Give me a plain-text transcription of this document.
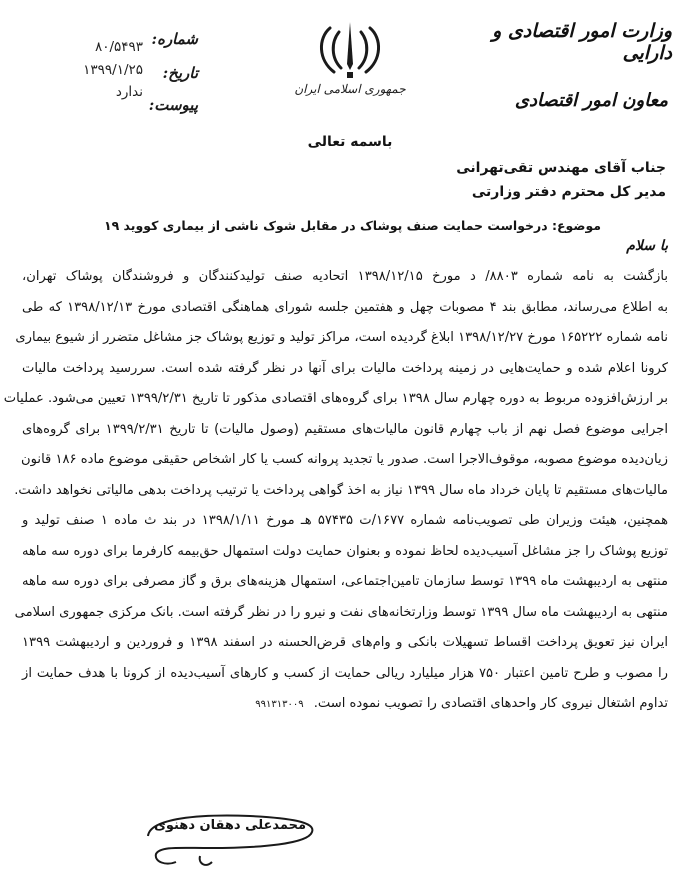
جمهوری اسلامی ایران
وزارت امور اقتصادی و دارایی
معاون امور اقتصادی
شماره:
تاریخ:
پیوست:
۸۰/۵۴۹۳
۱۳۹۹/۱/۲۵
ندارد
باسمه تعالی
جناب آقای مهندس تقی‌تهرانی
مدیر کل محترم دفتر وزارتی
موضوع: درخواست حمایت صنف پوشاک در مقابل شوک ناشی از بیماری کووید ۱۹
با سلام
بازگشت به نامه شماره ۸۸۰۳/ د مورخ ۱۳۹۸/۱۲/۱۵ اتحادیه صنف تولیدکنندگان و فروشندگان پوشاک تهران،
به اطلاع می‌رساند، مطابق بند ۴ مصوبات چهل و هفتمین جلسه شورای هماهنگی اقتصادی مورخ ۱۳۹۸/۱۲/۱۳ که طی
نامه شماره ۱۶۵۲۲۲ مورخ ۱۳۹۸/۱۲/۲۷ ابلاغ گردیده است، مراکز تولید و توزیع پوشاک جز مشاغل متضرر از شیوع بیماری
کرونا اعلام شده و حمایت‌هایی در زمینه پرداخت مالیات برای آنها در نظر گرفته شده است. سررسید پرداخت مالیات
بر ارزش‌افزوده مربوط به دوره چهارم سال ۱۳۹۸ برای گروه‌های اقتصادی مذکور تا تاریخ ۱۳۹۹/۲/۳۱ تعیین می‌شود. عملیات
اجرایی موضوع فصل نهم از باب چهارم قانون مالیات‌های مستقیم (وصول مالیات) تا تاریخ ۱۳۹۹/۲/۳۱ برای گروه‌های
زیان‌دیده موضوع مصوبه، موقوف‌الاجرا است. صدور یا تجدید پروانه کسب یا کار اشخاص حقیقی موضوع ماده ۱۸۶ قانون
مالیات‌های مستقیم تا پایان خرداد ماه سال ۱۳۹۹ نیاز به اخذ گواهی پرداخت یا ترتیب پرداخت بدهی مالیاتی نخواهد داشت.
همچنین، هیئت وزیران طی تصویب‌نامه شماره ۱۶۷۷/ت ۵۷۴۳۵ هـ مورخ ۱۳۹۸/۱/۱۱ در بند ث ماده ۱ صنف تولید و
توزیع پوشاک را جز مشاغل آسیب‌دیده لحاظ نموده و بعنوان حمایت دولت استمهال حق‌بیمه کارفرما برای دوره سه ماهه
منتهی به اردیبهشت ماه ۱۳۹۹ توسط سازمان تامین‌اجتماعی، استمهال هزینه‌های برق و گاز مصرفی برای دوره سه ماهه
منتهی به اردیبهشت ماه سال ۱۳۹۹ توسط وزارتخانه‌های نفت و نیرو را در نظر گرفته است. بانک مرکزی جمهوری اسلامی
ایران نیز تعویق پرداخت اقساط تسهیلات بانکی و وام‌های قرض‌الحسنه در اسفند ۱۳۹۸ و فروردین و اردیبهشت ۱۳۹۹
را مصوب و طرح تامین اعتبار ۷۵۰ هزار میلیارد ریالی حمایت از کسب و کارهای آسیب‌دیده از کرونا با هدف حمایت از
تداوم اشتغال نیروی کار واحدهای اقتصادی را تصویب نموده است. ۹۹۱۳۱۳۰۰۹
محمدعلی دهقان دهنوی
